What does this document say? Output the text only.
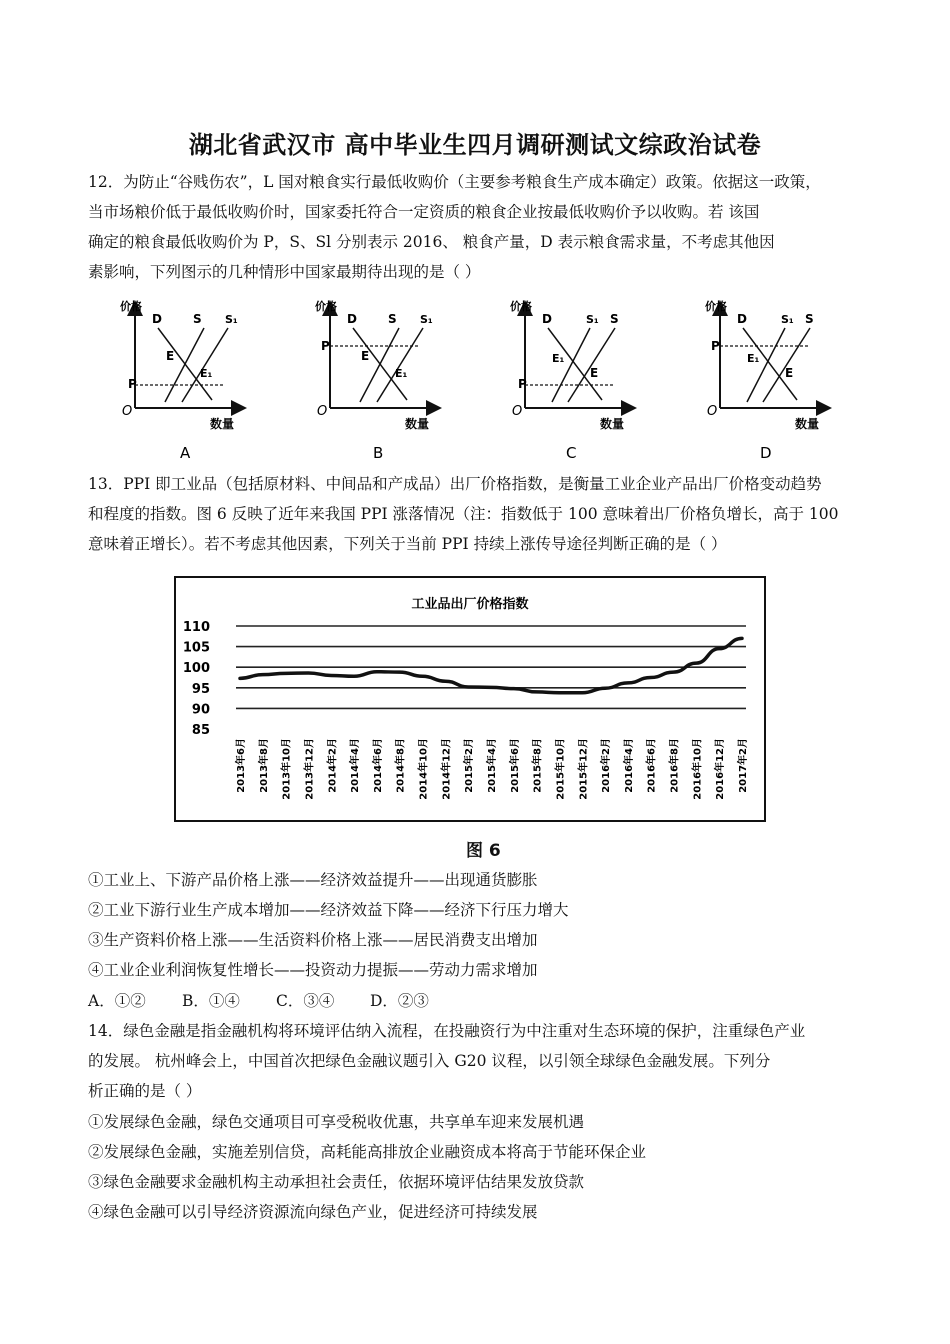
湖北省武汉市 高中毕业生四月调研测试文综政治试卷
12．为防止“谷贱伤农”，L 国对粮食实行最低收购价（主要参考粮食生产成本确定）政策。依据这一政策，
当市场粮价低于最低收购价时，国家委托符合一定资质的粮食企业按最低收购价予以收购。若 该国
确定的粮食最低收购价为 P，S、Sl 分别表示 2016、 粮食产量，D 表示粮食需求量，不考虑其他因
素影响，下列图示的几种情形中国家最期待出现的是（ ）
价格
数量
O
P
D	S S₁
E
E₁
价格
数量
O
P
D	S S₁
E
E₁
价格
数量
O
P
D	S₁ S
E₁
E
价格
数量
O
P
D	S₁ S
E₁
E
A	B	C	D
13．PPI 即工业品（包括原材料、中间品和产成品）出厂价格指数，是衡量工业企业产品出厂价格变动趋势
和程度的指数。图 6 反映了近年来我国 PPI 涨落情况（注：指数低于 100 意味着出厂价格负增长，高于 100
意味着正增长）。若不考虑其他因素，下列关于当前 PPI 持续上涨传导途径判断正确的是（ ）
工业品出厂价格指数
110
105
100
95
90
85
2013年6月 2013年8月 2013年10月 2013年12月 2014年2月 2014年4月 2014年6月 2014年8月 2014年10月 2014年12月 2015年2月 2015年4月 2015年6月 2015年8月 2015年10月 2015年12月 2016年2月 2016年4月 2016年6月 2016年8月 2016年10月 2016年12月 2017年2月
图 6
①工业上、下游产品价格上涨——经济效益提升——出现通货膨胀
②工业下游行业生产成本增加——经济效益下降——经济下行压力增大
③生产资料价格上涨——生活资料价格上涨——居民消费支出增加
④工业企业利润恢复性增长——投资动力提振——劳动力需求增加
A．①② B．①④ C．③④ D．②③
14．绿色金融是指金融机构将环境评估纳入流程，在投融资行为中注重对生态环境的保护，注重绿色产业
的发展。 杭州峰会上，中国首次把绿色金融议题引入 G20 议程，以引领全球绿色金融发展。下列分
析正确的是（ ）
①发展绿色金融，绿色交通项目可享受税收优惠，共享单车迎来发展机遇
②发展绿色金融，实施差别信贷，高耗能高排放企业融资成本将高于节能环保企业
③绿色金融要求金融机构主动承担社会责任，依据环境评估结果发放贷款
④绿色金融可以引导经济资源流向绿色产业，促进经济可持续发展
